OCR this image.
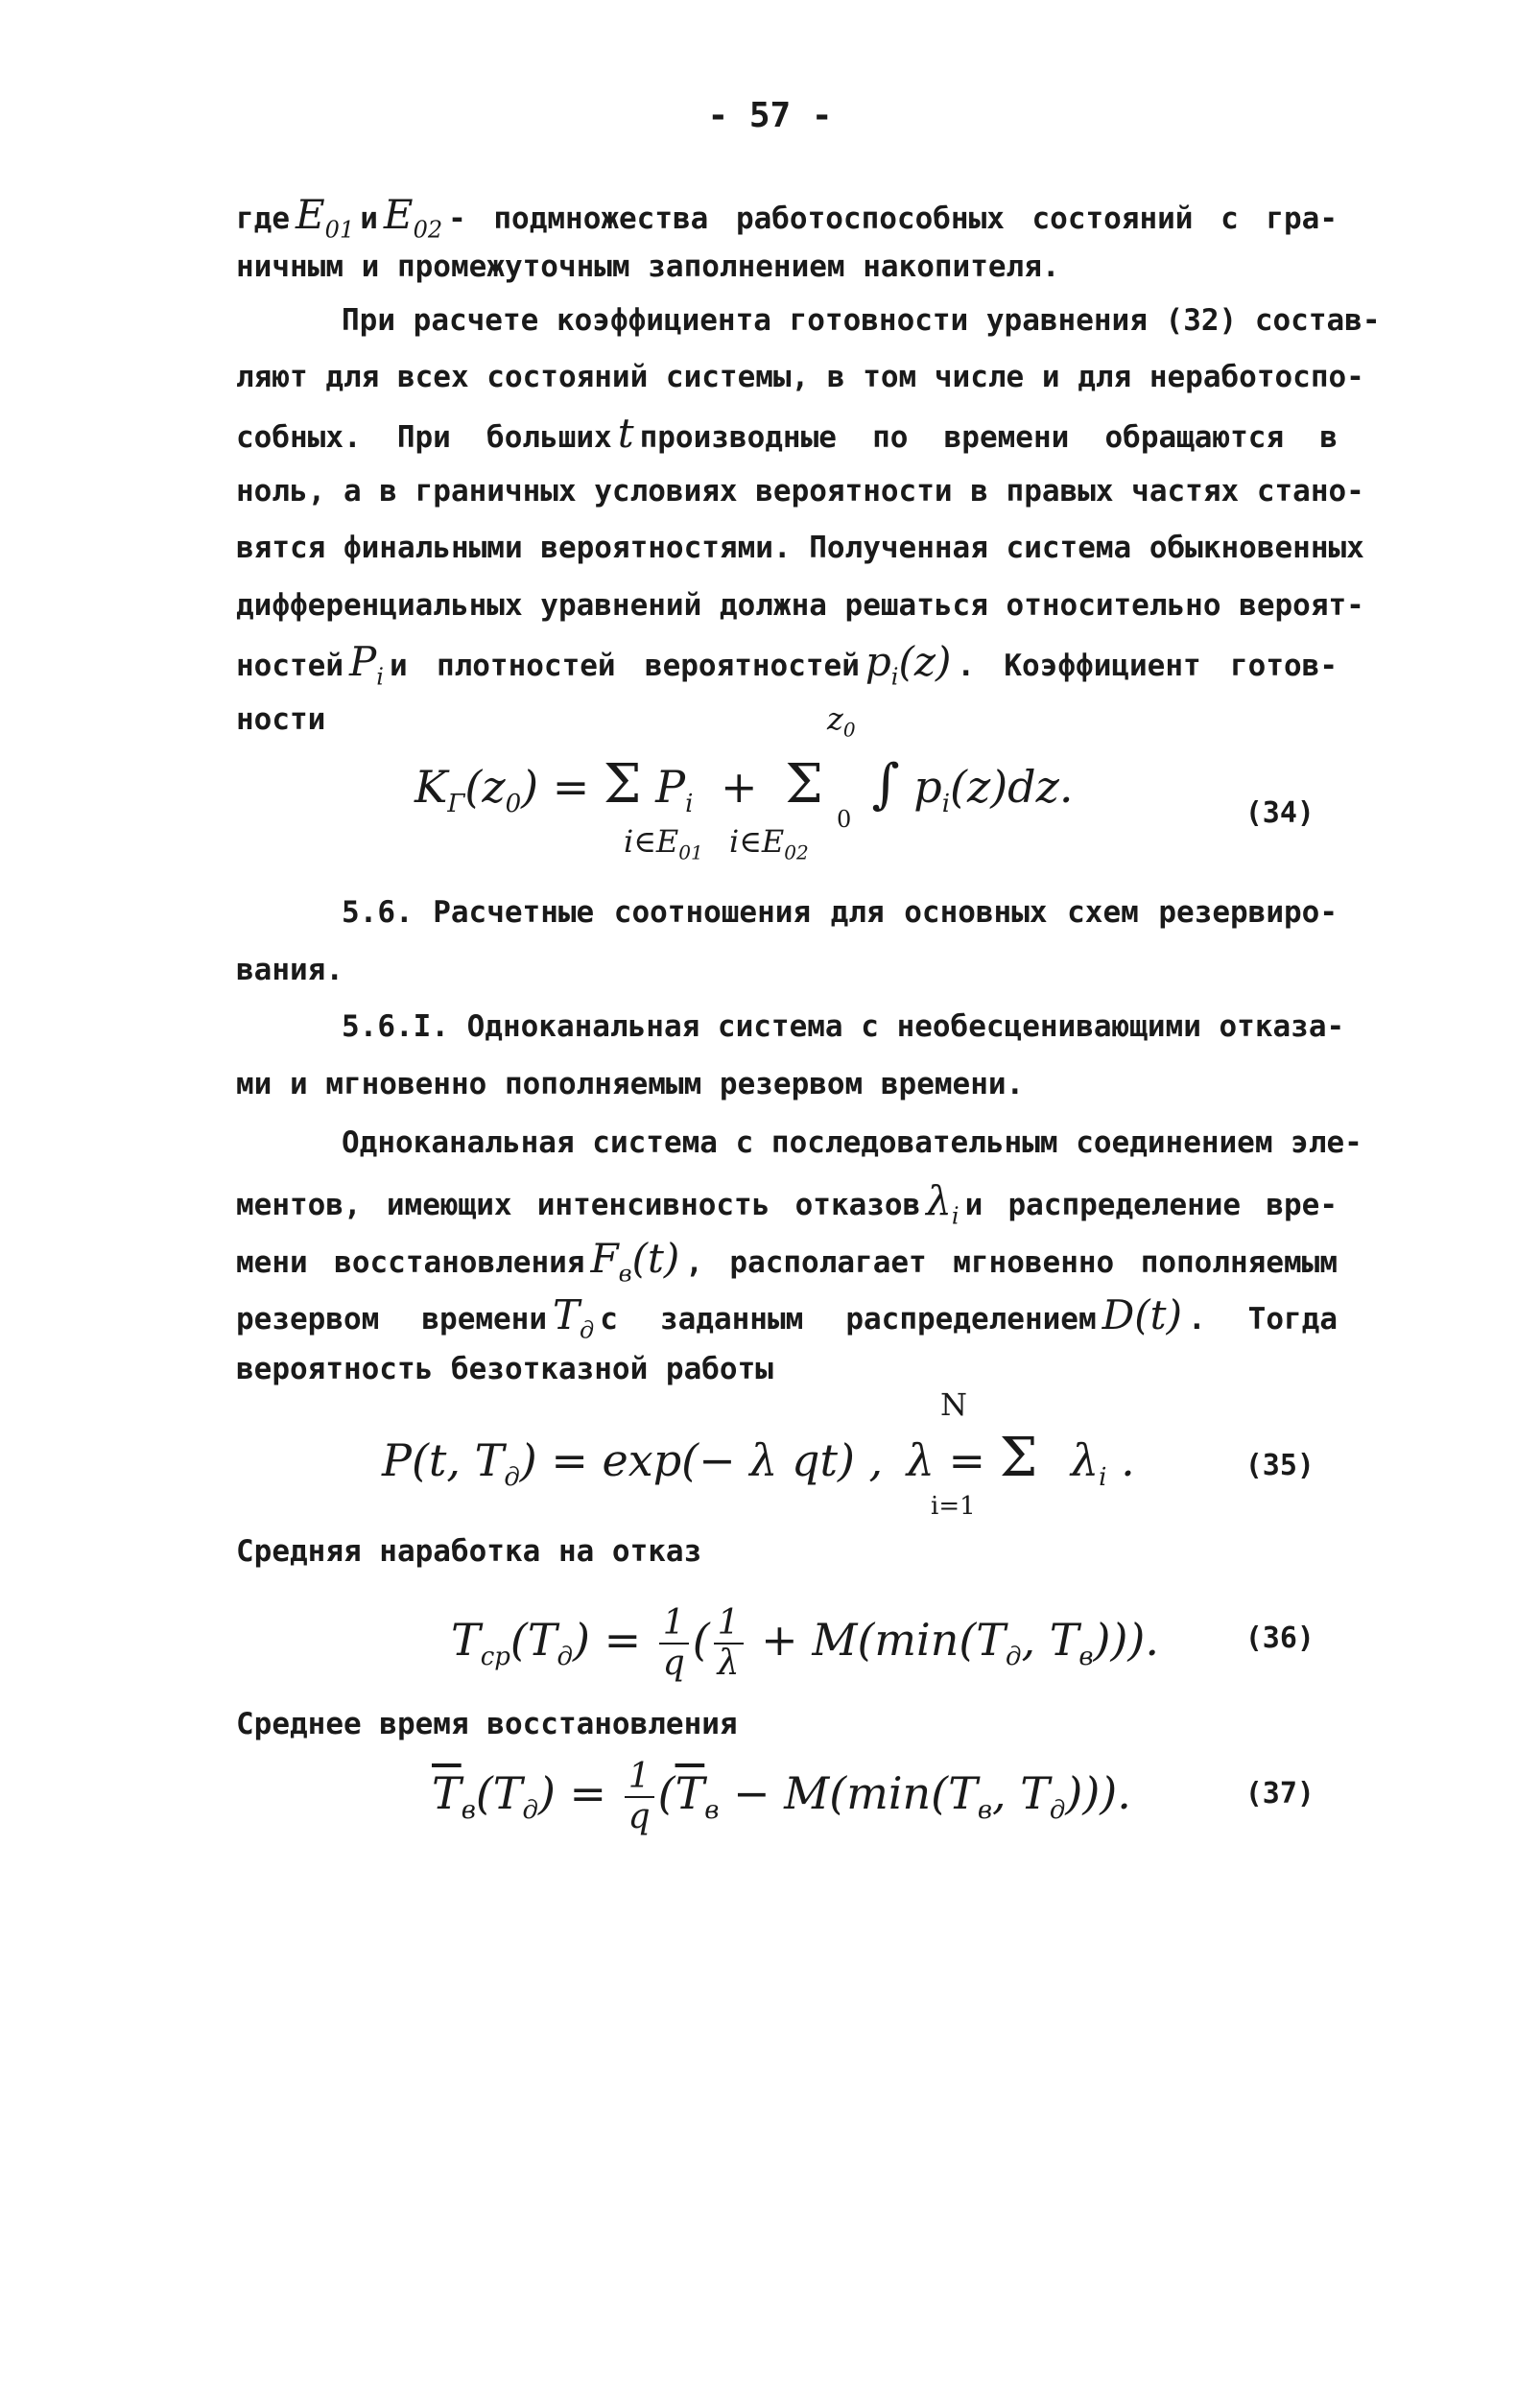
- 57 -

где $E_{01}$ и $E_{02}$ - подмножества работоспособных состояний с гра-

ничным и промежуточным заполнением накопителя.

При расчете коэффициента готовности уравнения (32) состав-

ляют для всех состояний системы, в том числе и для неработоспо-

собных. При больших t производные по времени обращаются в

ноль, а в граничных условиях вероятности в правых частях стано-

вятся финальными вероятностями. Полученная система обыкновенных

дифференциальных уравнений должна решаться относительно вероят-

ностей $P_i$ и плотностей вероятностей $p_i(z)$ . Коэффициент готов-

ности

$K_\Gamma(z_0) = \Sigma$ $P_i + \Sigma$ ∫ $p_i(z)dz$.
$z_0$
$i\in E_{01}$ $i\in E_{02}$
0	(34)

5.6. Расчетные соотношения для основных схем резервиро-

вания.

5.6.I. Одноканальная система с необесценивающими отказа-

ми и мгновенно пополняемым резервом времени.

Одноканальная система с последовательным соединением эле-

ментов, имеющих интенсивность отказов $\lambda_i$ и распределение вре-

мени восстановления $F_в(t)$ , располагает мгновенно пополняемым

резервом времени $T_д$ с заданным распределением D(t) . Тогда

вероятность безотказной работы

P(t, $T_д) = \exp(- \lambda$ qt) , λ = Σ $\lambda_i$ .
N
i=1
(35)

Средняя наработка на отказ

$T_{cp}(T_д) = \frac{1}{q}$ ( $\frac{1}{\lambda} + M(\min(T_д$, $T_в$))).	(36)

Среднее время восстановления

$\overline{T}_в(T_д) = \frac{1}{q} (\overline{T}_в - M(\min(T_в$, $T_д$))).	(37)
